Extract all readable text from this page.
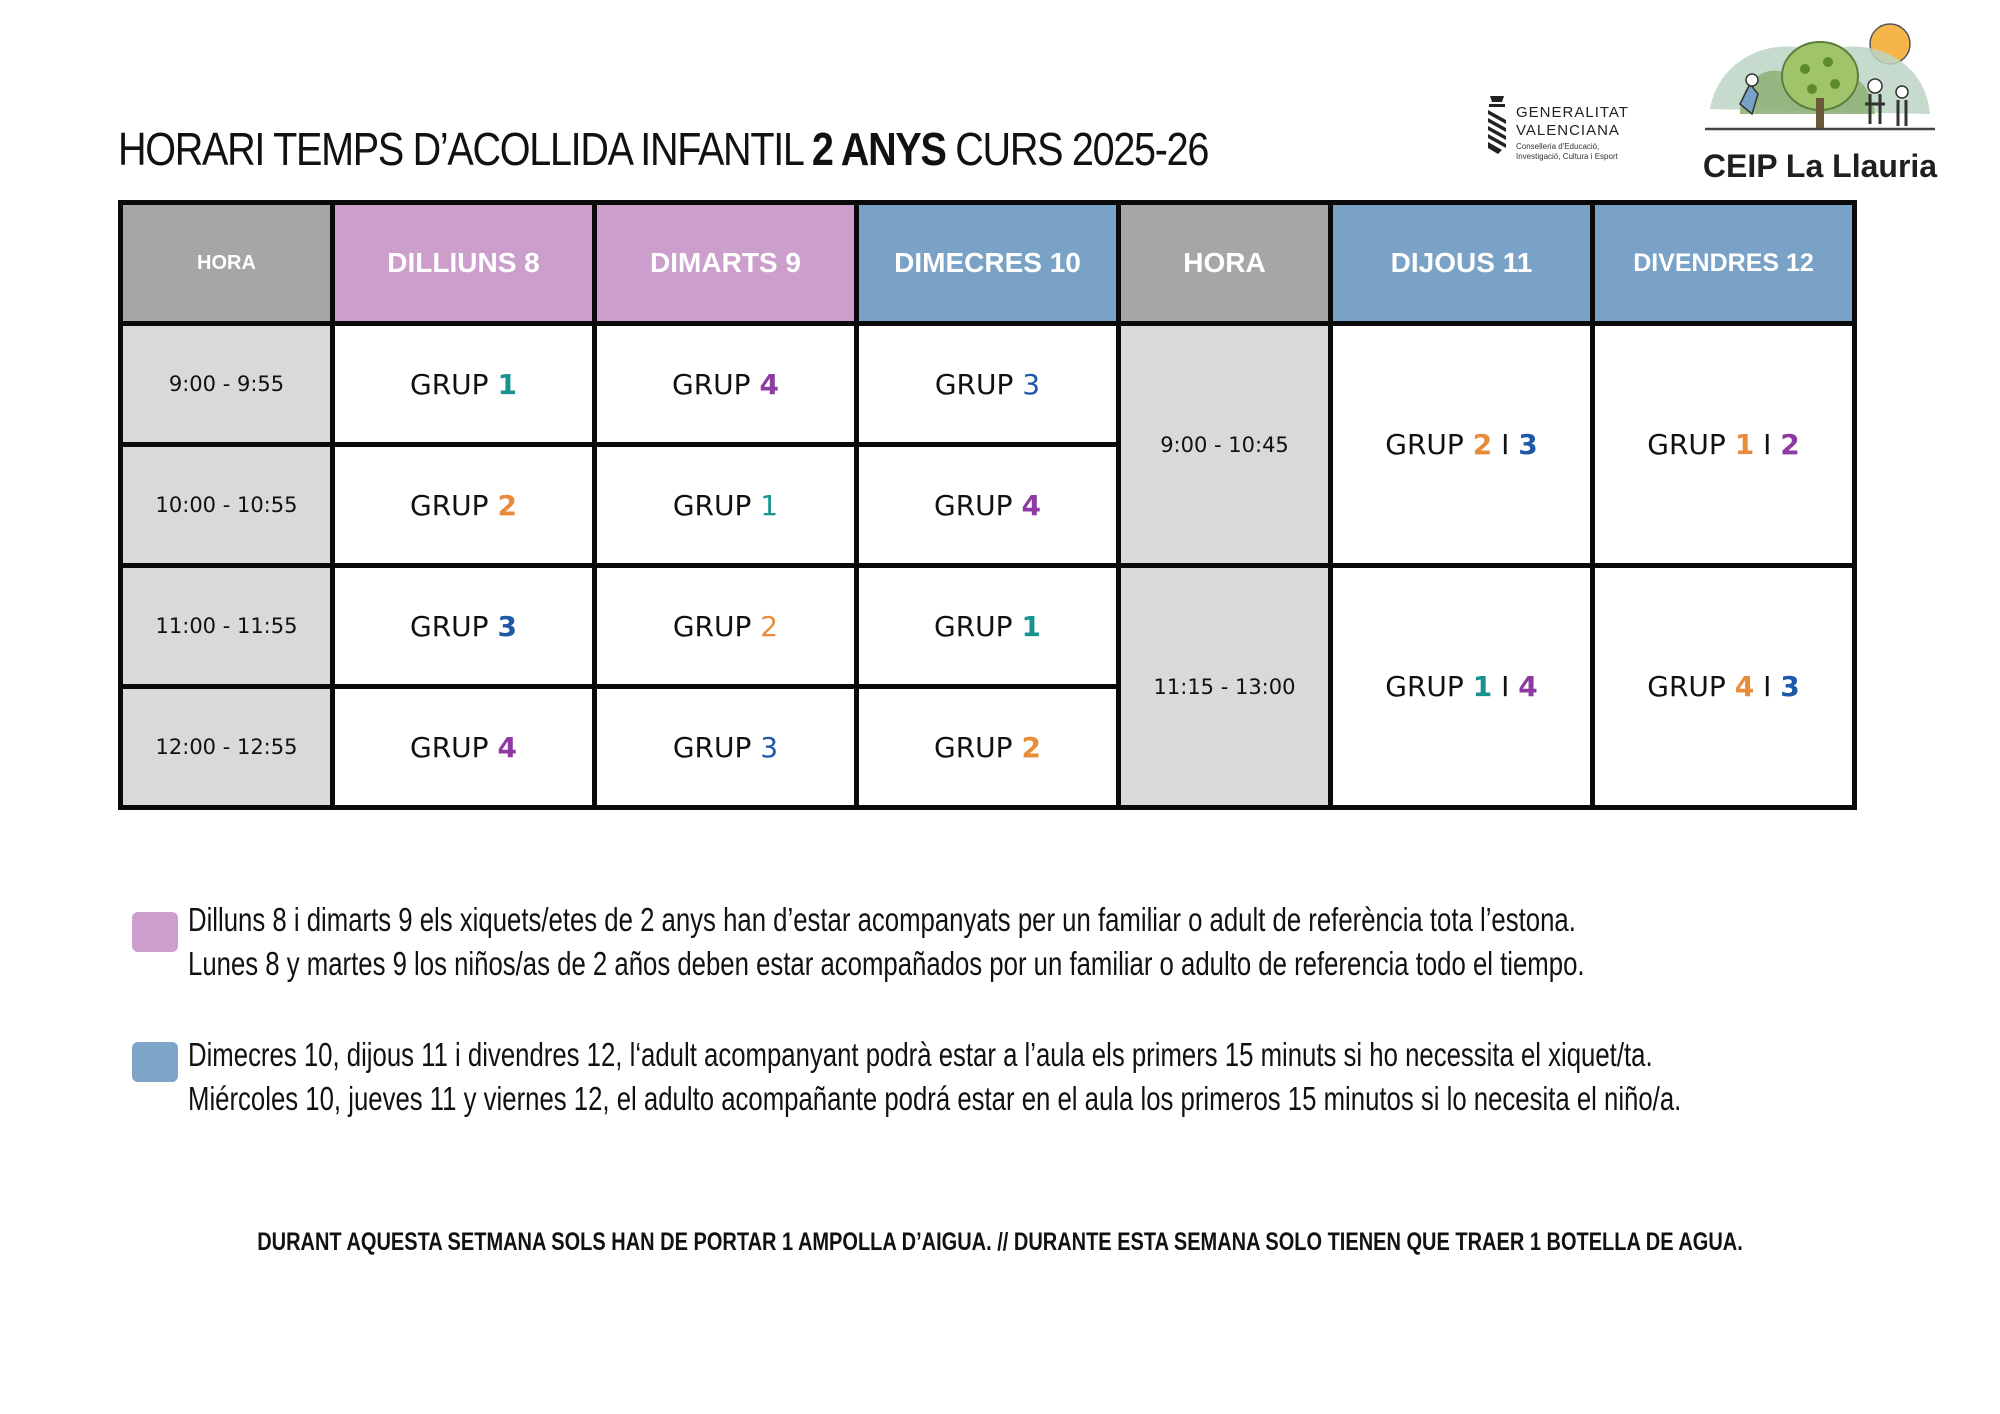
HORARI TEMPS D’ACOLLIDA INFANTIL 2 ANYS CURS 2025-26
GENERALITAT
VALENCIANA
Conselleria d'Educació,
Investigació, Cultura i Esport	CEIP La Llauria
HORA	DILLIUNS 8	DIMARTS 9	DIMECRES 10	HORA	DIJOUS 11	DIVENDRES 12
9:00 - 9:55	GRUP 1	GRUP 4	GRUP 3	9:00 - 10:45	GRUP 2 I 3	GRUP 1 I 2
10:00 - 10:55	GRUP 2	GRUP 1	GRUP 4			
11:00 - 11:55	GRUP 3	GRUP 2	GRUP 1	11:15 - 13:00	GRUP 1 I 4	GRUP 4 I 3
12:00 - 12:55	GRUP 4	GRUP 3	GRUP 2			
Dilluns 8 i dimarts 9 els xiquets/etes de 2 anys han d’estar acompanyats per un familiar o adult de referència tota l’estona.
Lunes 8 y martes 9 los niños/as de 2 años deben estar acompañados por un familiar o adulto de referencia todo el tiempo.
Dimecres 10, dijous 11 i divendres 12, l‘adult acompanyant podrà estar a l’aula els primers 15 minuts si ho necessita el xiquet/ta.
Miércoles 10, jueves 11 y viernes 12, el adulto acompañante podrá estar en el aula los primeros 15 minutos si lo necesita el niño/a.
DURANT AQUESTA SETMANA SOLS HAN DE PORTAR 1 AMPOLLA D’AIGUA. // DURANTE ESTA SEMANA SOLO TIENEN QUE TRAER 1 BOTELLA DE AGUA.
